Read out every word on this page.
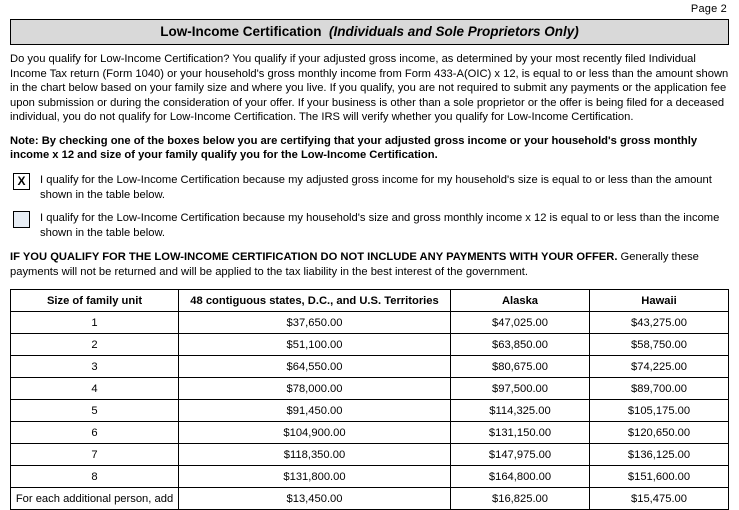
Page 2
Low-Income Certification (Individuals and Sole Proprietors Only)
Do you qualify for Low-Income Certification? You qualify if your adjusted gross income, as determined by your most recently filed Individual Income Tax return (Form 1040) or your household's gross monthly income from Form 433-A(OIC) x 12, is equal to or less than the amount shown in the chart below based on your family size and where you live. If you qualify, you are not required to submit any payments or the application fee upon submission or during the consideration of your offer. If your business is other than a sole proprietor or the offer is being filed for a deceased individual, you do not qualify for Low-Income Certification. The IRS will verify whether you qualify for Low-Income Certification.
Note: By checking one of the boxes below you are certifying that your adjusted gross income or your household's gross monthly income x 12 and size of your family qualify you for the Low-Income Certification.
X	I qualify for the Low-Income Certification because my adjusted gross income for my household's size is equal to or less than the amount shown in the table below.
I qualify for the Low-Income Certification because my household's size and gross monthly income x 12 is equal to or less than the income shown in the table below.
IF YOU QUALIFY FOR THE LOW-INCOME CERTIFICATION DO NOT INCLUDE ANY PAYMENTS WITH YOUR OFFER. Generally these payments will not be returned and will be applied to the tax liability in the best interest of the government.
Size of family unit	48 contiguous states, D.C., and U.S. Territories	Alaska	Hawaii
1	$37,650.00	$47,025.00	$43,275.00
2	$51,100.00	$63,850.00	$58,750.00
3	$64,550.00	$80,675.00	$74,225.00
4	$78,000.00	$97,500.00	$89,700.00
5	$91,450.00	$114,325.00	$105,175.00
6	$104,900.00	$131,150.00	$120,650.00
7	$118,350.00	$147,975.00	$136,125.00
8	$131,800.00	$164,800.00	$151,600.00
For each additional person, add	$13,450.00	$16,825.00	$15,475.00
